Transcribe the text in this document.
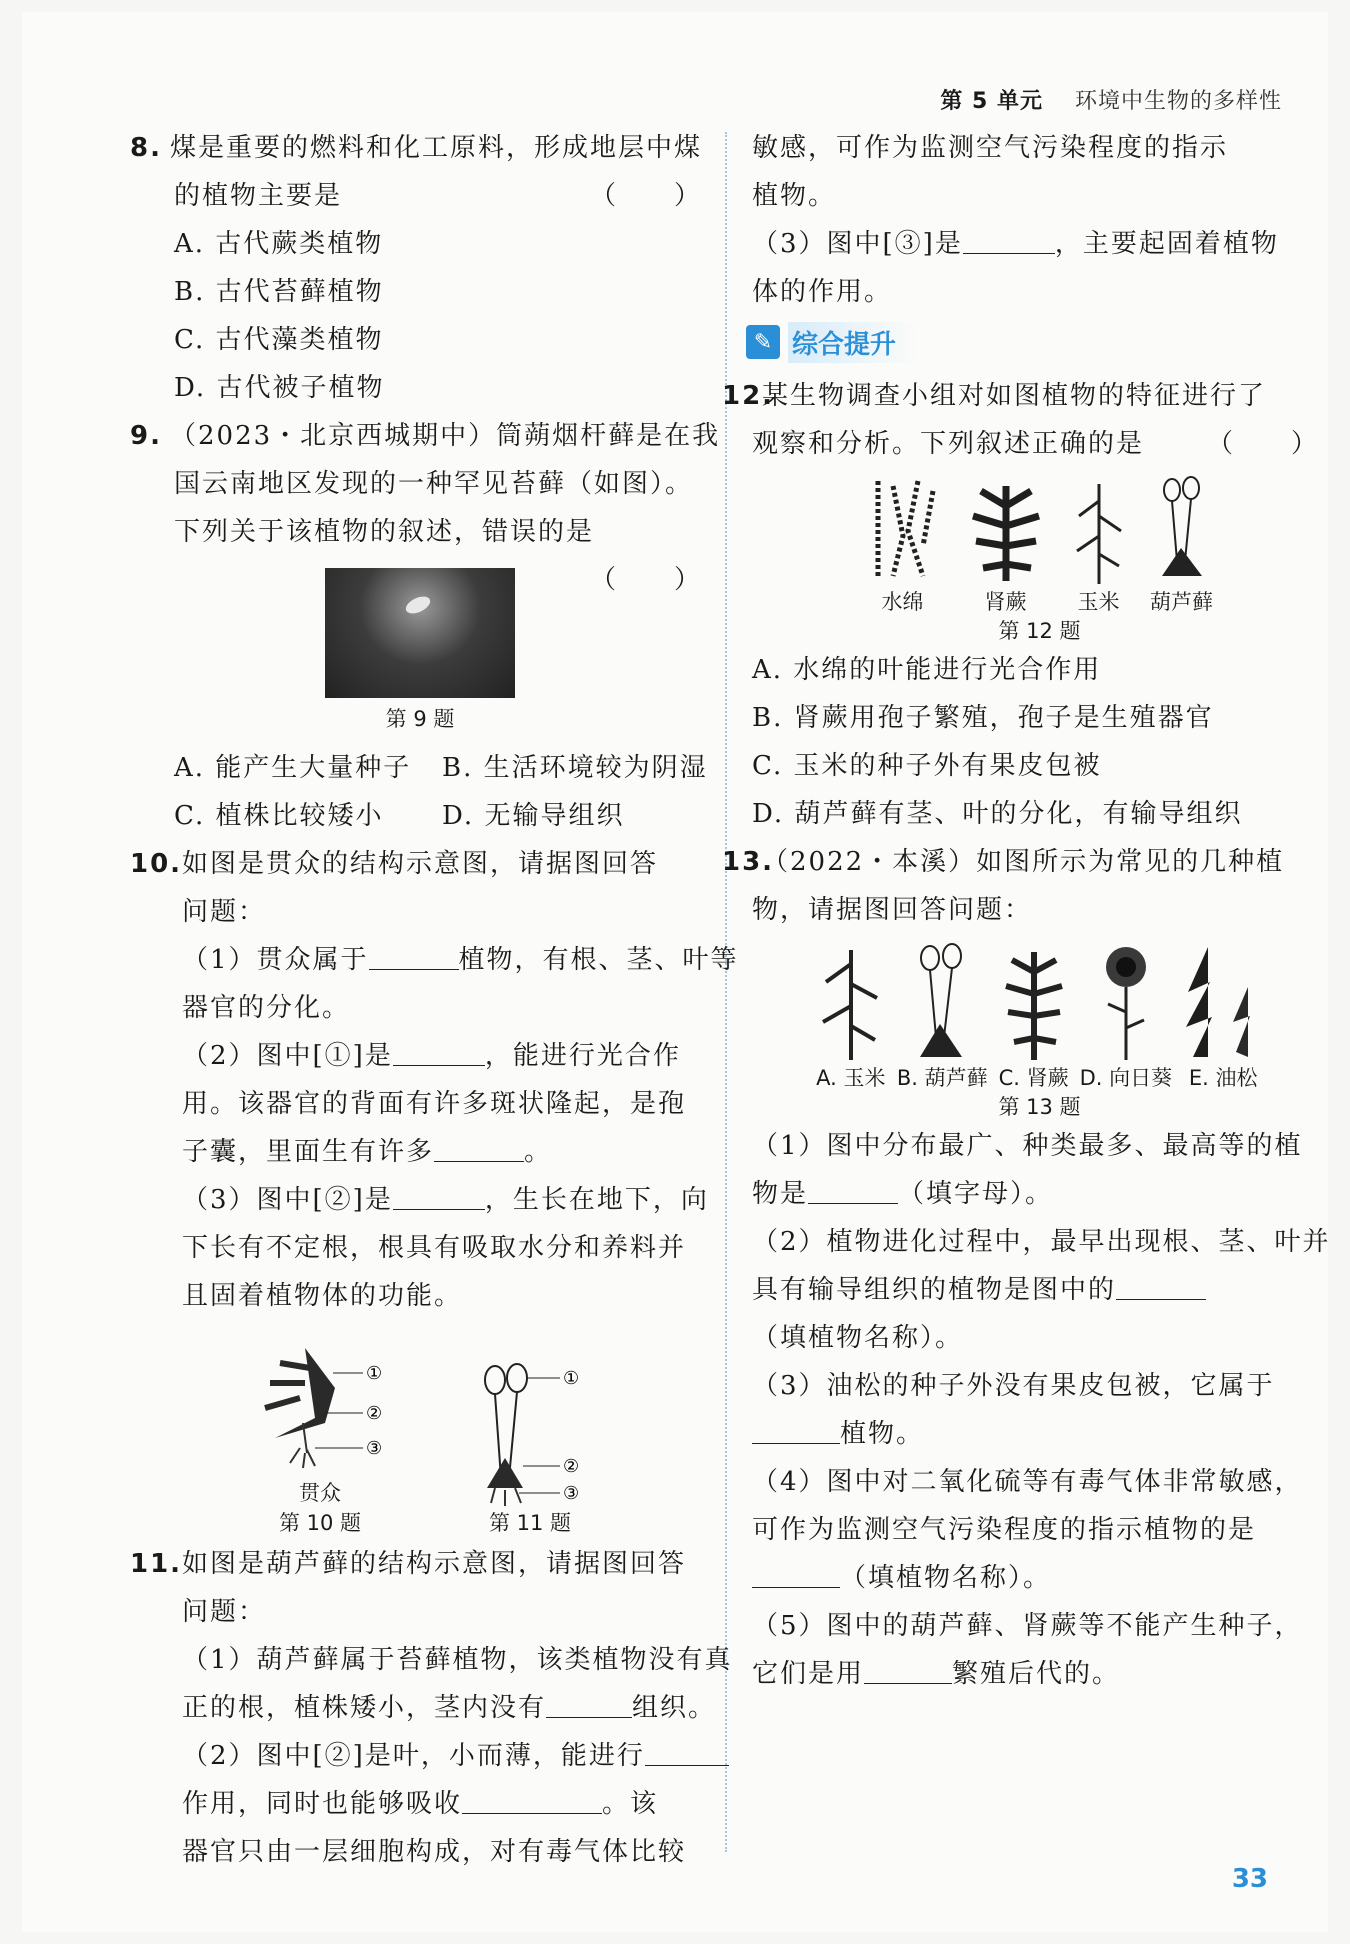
第 5 单元 环境中生物的多样性
8. 煤是重要的燃料和化工原料，形成地层中煤
的植物主要是	（　　）
A. 古代蕨类植物
B. 古代苔藓植物
C. 古代藻类植物
D. 古代被子植物
9. （2023・北京西城期中）筒蒴烟杆藓是在我
国云南地区发现的一种罕见苔藓（如图）。
下列关于该植物的叙述，错误的是
（　　）
第 9 题
A. 能产生大量种子	B. 生活环境较为阴湿
C. 植株比较矮小	D. 无输导组织
10.如图是贯众的结构示意图，请据图回答
问题：
（1）贯众属于	植物，有根、茎、叶等
器官的分化。
（2）图中[①]是	，能进行光合作
用。该器官的背面有许多斑状隆起，是孢
子囊，里面生有许多	。
（3）图中[②]是	，生长在地下，向
下长有不定根，根具有吸取水分和养料并
且固着植物体的功能。
①
②
③
贯众
第 10 题
①
②
③
第 11 题
11.如图是葫芦藓的结构示意图，请据图回答
问题：
（1）葫芦藓属于苔藓植物，该类植物没有真
正的根，植株矮小，茎内没有	组织。
（2）图中[②]是叶，小而薄，能进行
作用，同时也能够吸收	。该
器官只由一层细胞构成，对有毒气体比较
敏感，可作为监测空气污染程度的指示
植物。
（3）图中[③]是	，主要起固着植物
体的作用。
✎ 综合提升
12.某生物调查小组对如图植物的特征进行了
观察和分析。下列叙述正确的是 （　　）
水绵	肾蕨	玉米	葫芦藓
第 12 题
A. 水绵的叶能进行光合作用
B. 肾蕨用孢子繁殖，孢子是生殖器官
C. 玉米的种子外有果皮包被
D. 葫芦藓有茎、叶的分化，有输导组织
13.（2022・本溪）如图所示为常见的几种植
物，请据图回答问题：
A. 玉米 B. 葫芦藓 C. 肾蕨 D. 向日葵 E. 油松
第 13 题
（1）图中分布最广、种类最多、最高等的植
物是	（填字母）。
（2）植物进化过程中，最早出现根、茎、叶并
具有输导组织的植物是图中的
（填植物名称）。
（3）油松的种子外没有果皮包被，它属于
植物。
（4）图中对二氧化硫等有毒气体非常敏感，
可作为监测空气污染程度的指示植物的是
（填植物名称）。
（5）图中的葫芦藓、肾蕨等不能产生种子，
它们是用	繁殖后代的。
33
